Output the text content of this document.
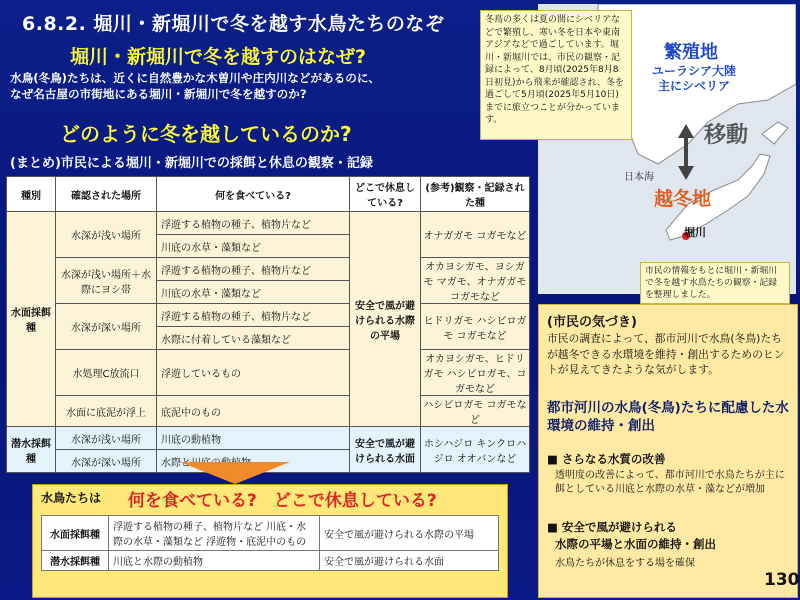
6.8.2. 堀川・新堀川で冬を越す水鳥たちのなぞ
堀川・新堀川で冬を越すのはなぜ?
水鳥(冬鳥)たちは、近くに自然豊かな木曽川や庄内川などがあるのに、
なぜ名古屋の市街地にある堀川・新堀川で冬を越すのか?
どのように冬を越しているのか?
(まとめ)市民による堀川・新堀川での採餌と休息の観察・記録
種別	確認された場所	何を食べている?	どこで休息している?	(参考)観察・記録された種
水面採餌種	水深が浅い場所	浮遊する植物の種子、植物片など	安全で風が避けられる水際の平場	オナガガモ コガモなど
		川底の水草・藻類など		
	水深が浅い場所＋水際にヨシ帯	浮遊する植物の種子、植物片など		オカヨシガモ、ヨシガモ マガモ、オナガガモ コガモなど
		川底の水草・藻類など		
	水深が深い場所	浮遊する植物の種子、植物片など		ヒドリガモ ハシビロガモ コガモなど
		水際に付着している藻類など		
	水処理C放流口	浮遊しているもの		オカヨシガモ、ヒドリガモ ハシビロガモ、コガモなど
	水面に底泥が浮上	底泥中のもの		ハシビロガモ コガモなど
潜水採餌種	水深が浅い場所	川底の動植物	安全で風が避けられる水面	ホシハジロ キンクロハジロ オオバンなど
	水深が深い場所	水際と川底の動植物		
水鳥たちは 何を食べている?　どこで休息している?
水面採餌種	浮遊する植物の種子、植物片など 川底・水際の水草・藻類など 浮遊物・底泥中のもの	安全で風が避けられる水際の平場
潜水採餌種	川底と水際の動植物	安全で風が避けられる水面
冬鳥の多くは夏の間にシベリアなどで繁殖し、寒い冬を日本や東南アジアなどで過ごしています。堀川・新堀川では、市民の観察・記録によって、8月頃(2025年8月8日初見)から飛来が確認され、冬を過ごして5月頃(2025年5月10日)までに旅立つことが分かっています。
繁殖地
ユーラシア大陸
主にシベリア
移動
日本海
越冬地
堀川
市民の情報をもとに堀川・新堀川で冬を越す水鳥たちの観察・記録を整理しました。
(市民の気づき)
市民の調査によって、都市河川で水鳥(冬鳥)たちが越冬できる水環境を維持・創出するためのヒントが見えてきたような気がします。
都市河川の水鳥(冬鳥)たちに配慮した水環境の維持・創出
■ さらなる水質の改善
透明度の改善によって、都市河川で水鳥たちが主に餌としている川底と水際の水草・藻などが増加
■ 安全で風が避けられる
水際の平場と水面の維持・創出
水鳥たちが休息をする場を確保
130
